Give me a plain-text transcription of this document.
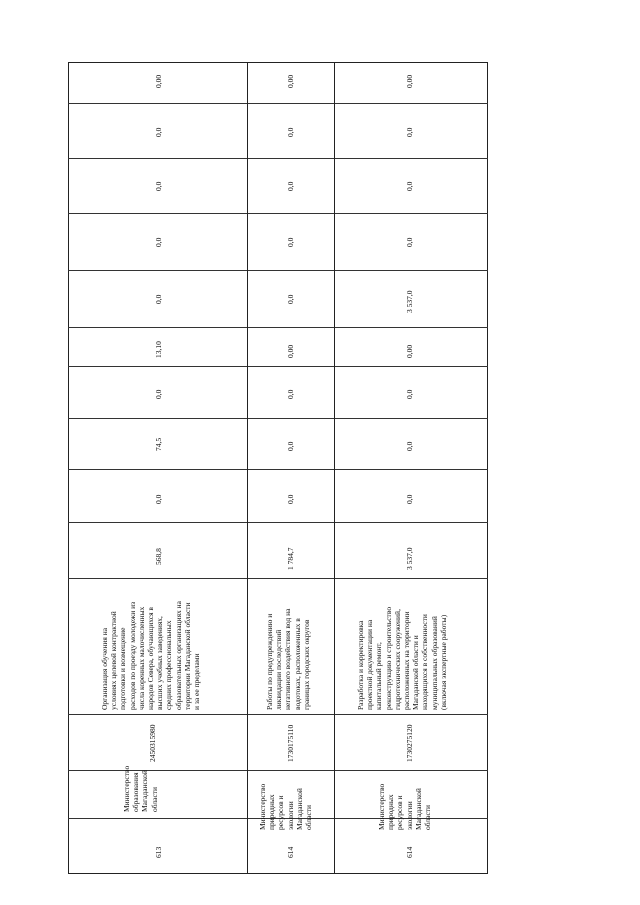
613
Министерство
образования
Магаданской
области
2450315980
Организация обучения на
условиях целевой контрактной
подготовки и возмещение
расходов по проезду молодежи из
числа коренных малочисленных
народов Севера, обучающихся в
высших учебных заведениях,
средних профессиональных
образовательных организациях на
территории Магаданской области
и за ее пределами
568,8
0,0
74,5
0,0
13,10
0,0
0,0
0,0
0,0
0,00
614
Министерство
природных
ресурсов и
экологии
Магаданской
области
1730175110
Работы по предупреждению и
ликвидации последствий
негативного воздействия вод на
водотоках, расположенных в
границах городских округов
1 784,7
0,0
0,0
0,0
0,00
0,0
0,0
0,0
0,0
0,00
614
Министерство
природных
ресурсов и
экологии
Магаданской
области
1730275120
Разработка и корректировка
проектной документации на
капитальный ремонт,
реконструкцию и строительство
гидротехнических сооружений,
расположенных на территории
Магаданской области и
находящихся в собственности
муниципальных образований
(включая экспертные работы)
3 537,0
0,0
0,0
0,0
0,00
3 537,0
0,0
0,0
0,0
0,00
